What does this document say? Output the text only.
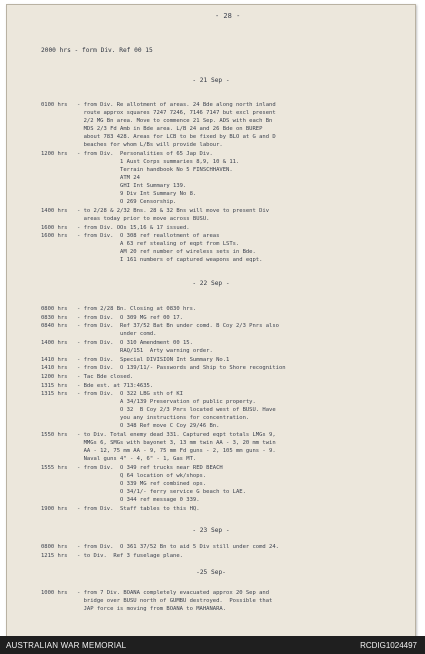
- 28 -
2000 hrs - form Div. Ref 00 15
- 21 Sep -
0100 hrs - from Div. Re allotment of areas. 24 Bde along north inland
route approx squares 7247 7246, 7146 7147 but excl present
2/2 MG Bn area. Move to commence 21 Sep. ADS with each Bn
MDS 2/3 Fd Amb in Bde area. L/B 24 and 26 Bde on BUREP
about 783 428. Areas for LCB to be fixed by BLO at G and D
beaches for whom L/Bs will provide labour.
1200 hrs - from Div.  Personalities of 65 Jap Div.
1 Aust Corps summaries 8,9, 10 & 11.
Terrain handbook No 5 FINSCHHAVEN.
ATM 24
GHI Int Summary 139.
9 Div Int Summary No 8.
O 269 Censorship.
1400 hrs - to 2/28 & 2/32 Bns. 28 & 32 Bns will move to present Div
areas today prior to move across BUSU.
1600 hrs - from Div. OOs 15,16 & 17 issued.
1600 hrs - from Div.  O 308 ref reallotment of areas
A 63 ref stealing of eqpt from LSTs.
AM 20 ref number of wireless sets in Bde.
I 161 numbers of captured weapons and eqpt.
- 22 Sep -
0800 hrs - from 2/28 Bn. Closing at 0830 hrs.
0830 hrs - from Div.  O 309 MG ref 00 17.
0840 hrs - from Div.  Ref 37/52 Bat Bn under comd. B Coy 2/3 Pnrs also
under comd.
1400 hrs - from Div.  O 310 Amendment 00 15.
RAQ/151  Arty warning order.
1410 hrs - from Div.  Special DIVISION Int Summary No.1
1410 hrs - from Div.  O 139/11/- Passwords and Ship to Shore recognition
1200 hrs - Tac Bde closed.
1315 hrs - Bde est. at 713:4635.
1315 hrs - from Div.  O 322 LBG sth of KI
A 34/139 Preservation of public property.
O 32  B Coy 2/3 Pnrs located west of BUSU. Have
you any instructions for concentration.
O 348 Ref move C Coy 29/46 Bn.
1550 hrs - to Div. Total enemy dead 331. Captured eqpt totals LMGs 9,
MMGs 6, SMGs with bayonet 3, 13 mm twin AA - 3, 20 mm twin
AA - 12, 75 mm AA - 9, 75 mm Fd guns - 2, 105 mm guns - 9.
Naval guns 4" - 4, 6" - 1, Gas MT.
1555 hrs - from Div.  O 349 ref trucks near RED BEACH
Q 64 location of wk/shops.
O 339 MG ref combined ops.
O 34/1/- ferry service G beach to LAE.
O 344 ref message 0 339.
1900 hrs - from Div.  Staff tables to this HQ.
- 23 Sep -
0800 hrs - from Div.  O 361 37/52 Bn to aid 5 Div still under comd 24.
1215 hrs - to Div.  Ref 3 fuselage plane.
-25 Sep-
1000 hrs - from 7 Div. BOANA completely evacuated approx 20 Sep and
bridge over BUSU north of GUMBU destroyed.  Possible that
JAP force is moving from BOANA to MAHANARA.
AUSTRALIAN WAR MEMORIAL	RCDIG1024497
